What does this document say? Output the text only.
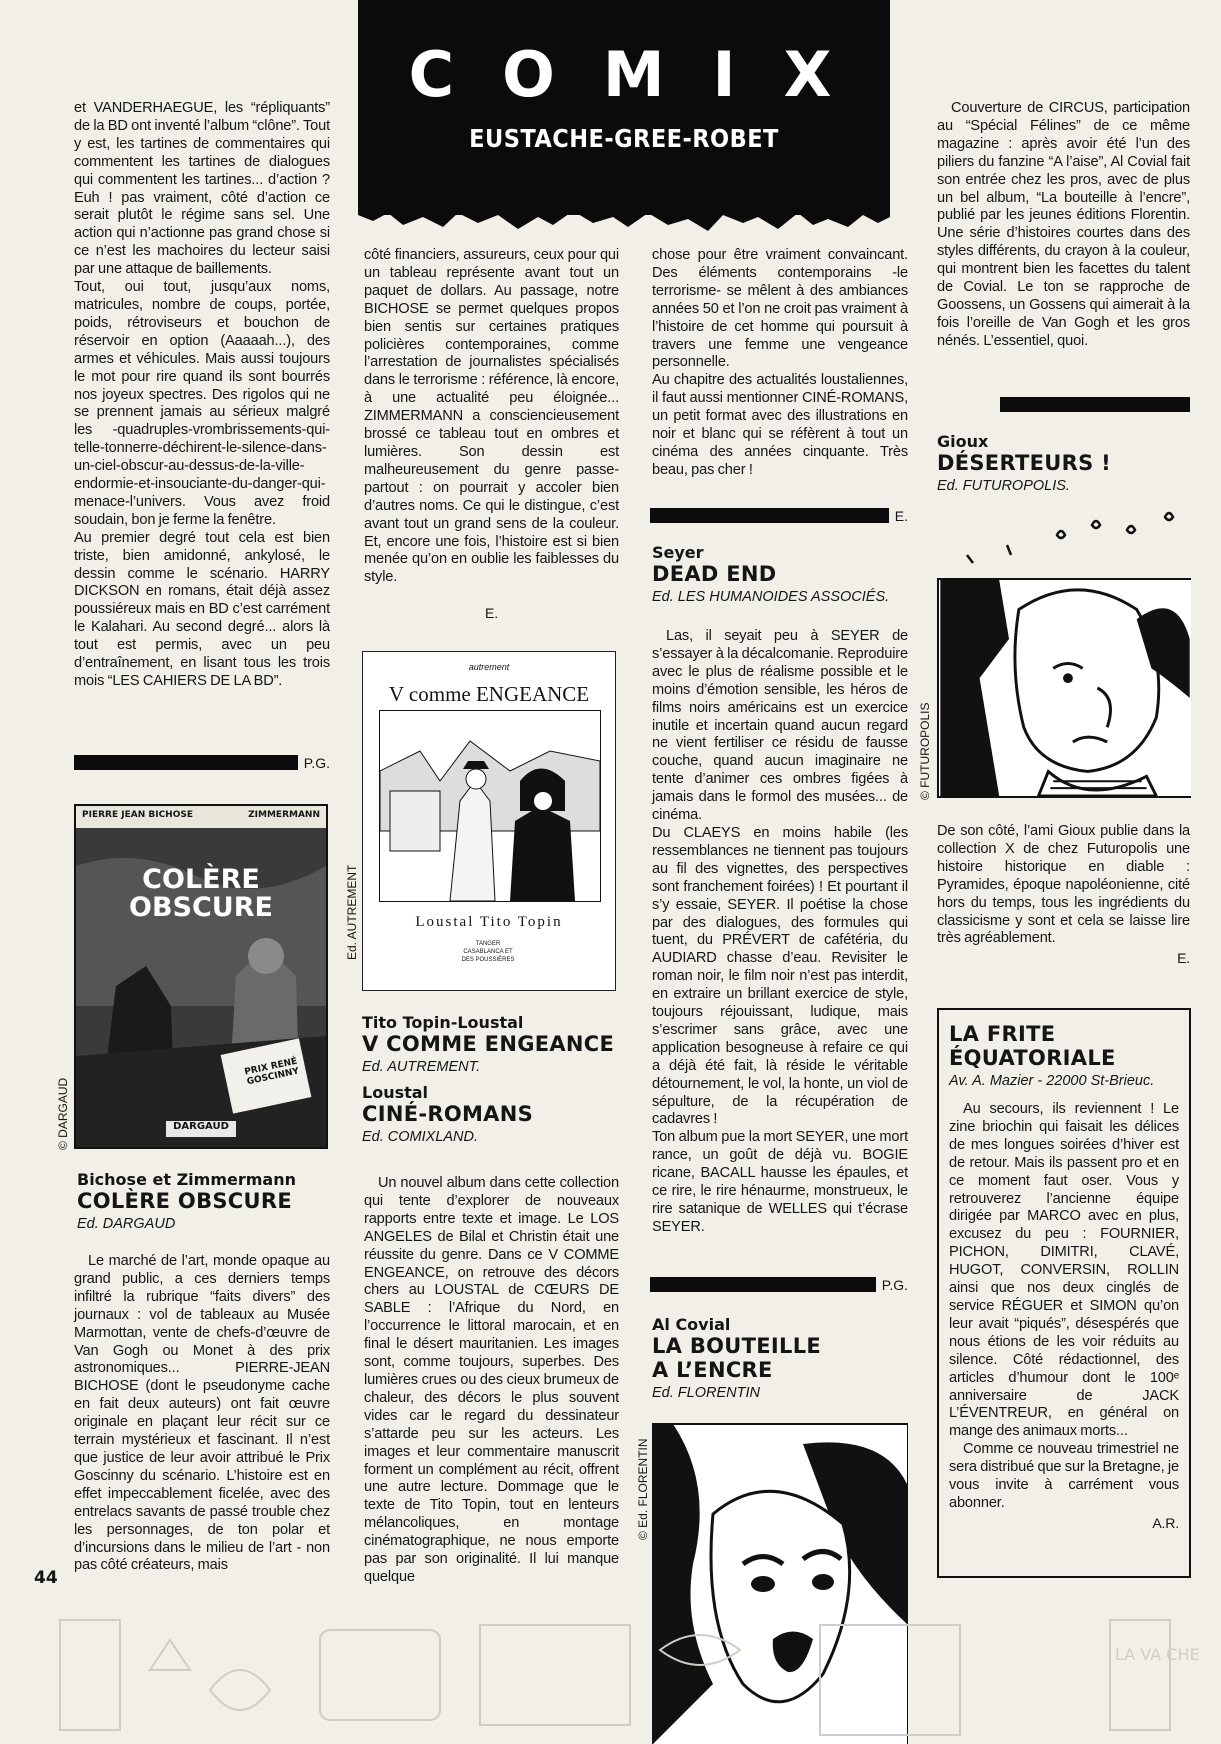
COMIX
EUSTACHE-GREE-ROBET

et VANDERHAEGUE, les “répliquants” de la BD ont inventé l’album “clône”. Tout y est, les tartines de commentaires qui commentent les tartines de dialogues qui commentent les tartines... d’action ? Euh ! pas vraiment, côté d’action ce serait plutôt le régime sans sel. Une action qui n’actionne pas grand chose si ce n’est les machoires du lecteur saisi par une attaque de baillements.

Tout, oui tout, jusqu’aux noms, matricules, nombre de coups, portée, poids, rétroviseurs et bouchon de réservoir en option (Aaaaah...), des armes et véhicules. Mais aussi toujours le mot pour rire quand ils sont bourrés nos joyeux spectres. Des rigolos qui ne se prennent jamais au sérieux malgré les -quadruples-vrombrissements-qui-telle-tonnerre-déchirent-le-silence-dans-un-ciel-obscur-au-dessus-de-la-ville-endormie-et-insouciante-du-danger-qui-menace-l’univers. Vous avez froid soudain, bon je ferme la fenêtre.

Au premier degré tout cela est bien triste, bien amidonné, ankylosé, le dessin comme le scénario. HARRY DICKSON en romans, était déjà assez poussiéreux mais en BD c’est carrément le Kalahari. Au second degré... alors là tout est permis, avec un peu d’entraînement, en lisant tous les trois mois “LES CAHIERS DE LA BD”.

P.G.
PIERRE JEAN BICHOSE	ZIMMERMANN
COLÈRE OBSCURE
PRIX RENÉ GOSCINNY
DARGAUD
© DARGAUD

Bichose et Zimmermann

COLÈRE OBSCURE

Ed. DARGAUD

Le marché de l’art, monde opaque au grand public, a ces derniers temps infiltré la rubrique “faits divers” des journaux : vol de tableaux au Musée Marmottan, vente de chefs-d’œuvre de Van Gogh ou Monet à des prix astronomiques... PIERRE-JEAN BICHOSE (dont le pseudonyme cache en fait deux auteurs) ont fait œuvre originale en plaçant leur récit sur ce terrain mystérieux et fascinant. Il n’est que justice de leur avoir attribué le Prix Goscinny du scénario. L’histoire est en effet impeccablement ficelée, avec des entrelacs savants de passé trouble chez les personnages, de ton polar et d’incursions dans le milieu de l’art - non pas côté créateurs, mais

côté financiers, assureurs, ceux pour qui un tableau représente avant tout un paquet de dollars. Au passage, notre BICHOSE se permet quelques propos bien sentis sur certaines pratiques policières contemporaines, comme l’arrestation de journalistes spécialisés dans le terrorisme : référence, là encore, à une actualité peu éloignée... ZIMMERMANN a consciencieusement brossé ce tableau tout en ombres et lumières. Son dessin est malheureusement du genre passe-partout : on pourrait y accoler bien d’autres noms. Ce qui le distingue, c’est avant tout un grand sens de la couleur. Et, encore une fois, l’histoire est si bien menée qu’on en oublie les faiblesses du style.

E.
autrement
V comme ENGEANCE
Loustal Tito Topin
TANGER CASABLANCA ET DES POUSSIÈRES
Ed. AUTREMENT

Tito Topin-Loustal

V COMME ENGEANCE

Ed. AUTREMENT.

Loustal

CINÉ-ROMANS

Ed. COMIXLAND.

Un nouvel album dans cette collection qui tente d’explorer de nouveaux rapports entre texte et image. Le LOS ANGELES de Bilal et Christin était une réussite du genre. Dans ce V COMME ENGEANCE, on retrouve des décors chers au LOUSTAL de CŒURS DE SABLE : l’Afrique du Nord, en l’occurrence le littoral marocain, et en final le désert mauritanien. Les images sont, comme toujours, superbes. Des lumières crues ou des cieux brumeux de chaleur, des décors le plus souvent vides car le regard du dessinateur s’attarde peu sur les acteurs. Les images et leur commentaire manuscrit forment un complément au récit, offrent une autre lecture. Dommage que le texte de Tito Topin, tout en lenteurs mélancoliques, en montage cinématographique, ne nous emporte pas par son originalité. Il lui manque quelque

chose pour être vraiment convaincant. Des éléments contemporains -le terrorisme- se mêlent à des ambiances années 50 et l’on ne croit pas vraiment à l’histoire de cet homme qui poursuit à travers une femme une vengeance personnelle.

Au chapitre des actualités loustaliennes, il faut aussi mentionner CINÉ-ROMANS, un petit format avec des illustrations en noir et blanc qui se réfèrent à tout un cinéma des années cinquante. Très beau, pas cher !

E.

Seyer

DEAD END

Ed. LES HUMANOIDES ASSOCIÉS.

Las, il seyait peu à SEYER de s’essayer à la décalcomanie. Reproduire avec le plus de réalisme possible et le moins d’émotion sensible, les héros de films noirs américains est un exercice inutile et incertain quand aucun regard ne vient fertiliser ce résidu de fausse couche, quand aucun imaginaire ne tente d’animer ces ombres figées à jamais dans le formol des musées... de cinéma.

Du CLAEYS en moins habile (les ressemblances ne tiennent pas toujours au fil des vignettes, des perspectives sont franchement foirées) ! Et pourtant il s’y essaie, SEYER. Il poétise la chose par des dialogues, des formules qui tuent, du PRÉVERT de cafétéria, du AUDIARD chasse d’eau. Revisiter le roman noir, le film noir n’est pas interdit, en extraire un brillant exercice de style, toujours réjouissant, ludique, mais s’escrimer sans grâce, avec une application besogneuse à refaire ce qui a déjà été fait, là réside le véritable détournement, le vol, la honte, un viol de sépulture, de la récupération de cadavres !

Ton album pue la mort SEYER, une mort rance, un goût de déjà vu. BOGIE ricane, BACALL hausse les épaules, et ce rire, le rire hénaurme, monstrueux, le rire satanique de WELLES qui t’écrase SEYER.

P.G.

Al Covial

LA BOUTEILLE

A L’ENCRE

Ed. FLORENTIN

© Ed. FLORENTIN

Couverture de CIRCUS, participation au “Spécial Félines” de ce même magazine : après avoir été l’un des piliers du fanzine “A l’aise”, Al Covial fait son entrée chez les pros, avec de plus un bel album, “La bouteille à l’encre”, publié par les jeunes éditions Florentin. Une série d’histoires courtes dans des styles différents, du crayon à la couleur, qui montrent bien les facettes du talent de Covial. Le ton se rapproche de Goossens, un Gossens qui aimerait à la fois l’oreille de Van Gogh et les gros nénés. L’essentiel, quoi.

Gioux

DÉSERTEURS !

Ed. FUTUROPOLIS.

© FUTUROPOLIS

De son côté, l’ami Gioux publie dans la collection X de chez Futuropolis une histoire historique en diable : Pyramides, époque napoléonienne, cité hors du temps, tous les ingrédients du classicisme y sont et cela se laisse lire très agréablement.

E.

LA FRITE

ÉQUATORIALE

Av. A. Mazier - 22000 St-Brieuc.

Au secours, ils reviennent ! Le zine briochin qui faisait les délices de mes longues soirées d’hiver est de retour. Mais ils passent pro et en ce moment faut oser. Vous y retrouverez l’ancienne équipe dirigée par MARCO avec en plus, excusez du peu : FOURNIER, PICHON, DIMITRI, CLAVÉ, HUGOT, CONVERSIN, ROLLIN ainsi que nos deux cinglés de service RÉGUER et SIMON qu’on leur avait “piqués”, désespérés que nous étions de les voir réduits au silence. Côté rédactionnel, des articles d’humour dont le 100ᵉ anniversaire de JACK L’ÉVENTREUR, en général on mange des animaux morts...

Comme ce nouveau trimestriel ne sera distribué que sur la Bretagne, je vous invite à carrément vous abonner.

A.R.
44
LA VA CHE
